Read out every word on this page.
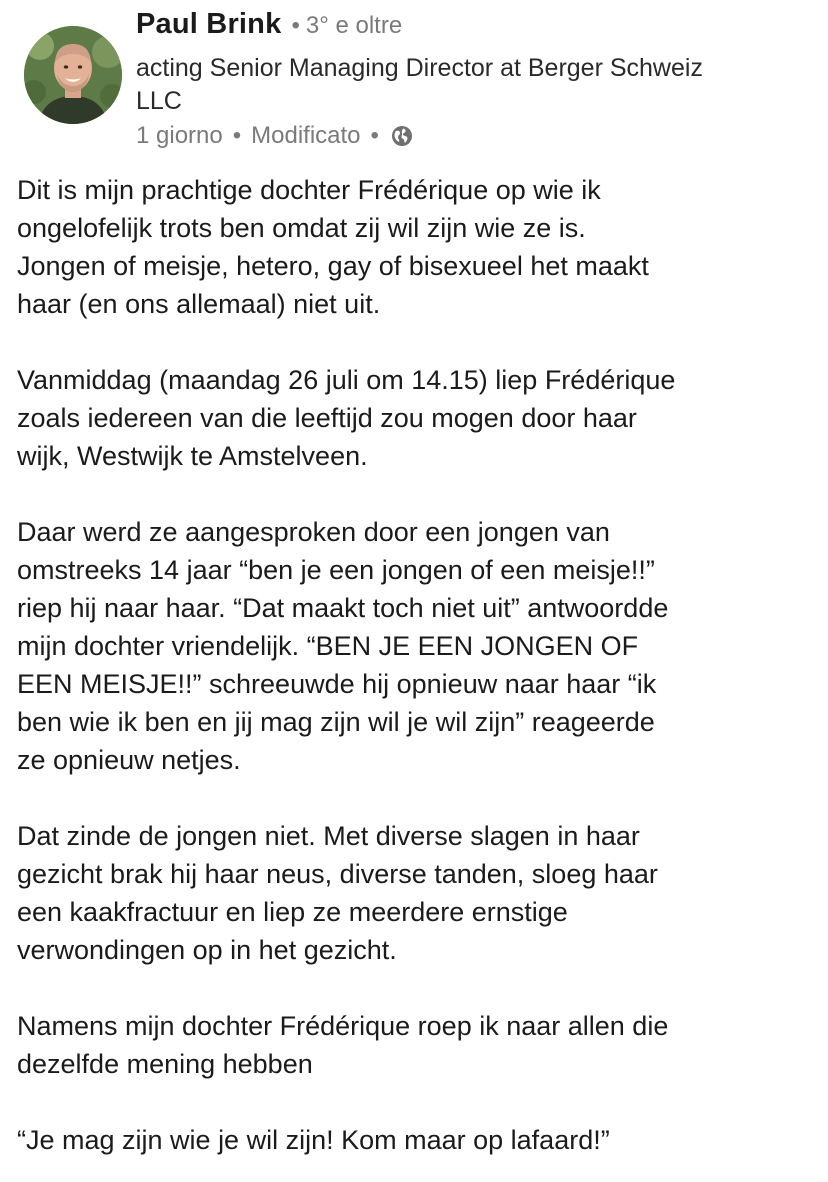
Paul Brink • 3° e oltre
acting Senior Managing Director at Berger Schweiz LLC
1 giorno • Modificato •

Dit is mijn prachtige dochter Frédérique op wie ik
ongelofelijk trots ben omdat zij wil zijn wie ze is.
Jongen of meisje, hetero, gay of bisexueel het maakt
haar (en ons allemaal) niet uit.

Vanmiddag (maandag 26 juli om 14.15) liep Frédérique
zoals iedereen van die leeftijd zou mogen door haar
wijk, Westwijk te Amstelveen.

Daar werd ze aangesproken door een jongen van
omstreeks 14 jaar “ben je een jongen of een meisje!!”
riep hij naar haar. “Dat maakt toch niet uit” antwoordde
mijn dochter vriendelijk. “BEN JE EEN JONGEN OF
EEN MEISJE!!” schreeuwde hij opnieuw naar haar “ik
ben wie ik ben en jij mag zijn wil je wil zijn” reageerde
ze opnieuw netjes.

Dat zinde de jongen niet. Met diverse slagen in haar
gezicht brak hij haar neus, diverse tanden, sloeg haar
een kaakfractuur en liep ze meerdere ernstige
verwondingen op in het gezicht.

Namens mijn dochter Frédérique roep ik naar allen die
dezelfde mening hebben

“Je mag zijn wie je wil zijn! Kom maar op lafaard!”
